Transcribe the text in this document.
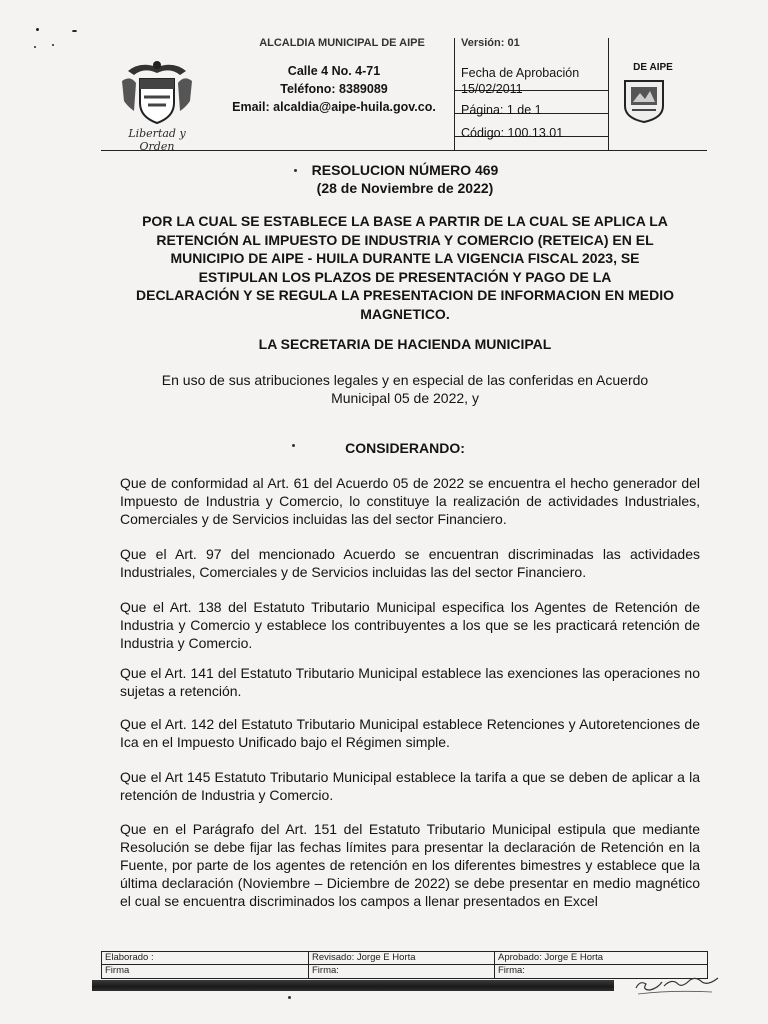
Libertad y Orden
ALCALDIA MUNICIPAL DE AIPE
Calle 4 No. 4-71
Teléfono: 8389089
Email: alcaldia@aipe-huila.gov.co.
Versión: 01
Fecha de Aprobación
15/02/2011
Página: 1 de 1
Código: 100.13.01
DE AIPE
RESOLUCION NÚMERO 469
(28 de Noviembre de 2022)
POR LA CUAL SE ESTABLECE LA BASE A PARTIR DE LA CUAL SE APLICA LA
RETENCIÓN AL IMPUESTO DE INDUSTRIA Y COMERCIO (RETEICA) EN EL
MUNICIPIO DE AIPE - HUILA DURANTE LA VIGENCIA FISCAL 2023, SE
ESTIPULAN LOS PLAZOS DE PRESENTACIÓN Y PAGO DE LA
DECLARACIÓN Y SE REGULA LA PRESENTACION DE INFORMACION EN MEDIO
MAGNETICO.
LA SECRETARIA DE HACIENDA MUNICIPAL
En uso de sus atribuciones legales y en especial de las conferidas en Acuerdo
Municipal 05 de 2022, y
CONSIDERANDO:
Que de conformidad al Art. 61 del Acuerdo 05 de 2022 se encuentra el hecho generador del Impuesto de Industria y Comercio, lo constituye la realización de actividades Industriales, Comerciales y de Servicios incluidas las del sector Financiero.
Que el Art. 97 del mencionado Acuerdo se encuentran discriminadas las actividades Industriales, Comerciales y de Servicios incluidas las del sector Financiero.
Que el Art. 138 del Estatuto Tributario Municipal especifica los Agentes de Retención de Industria y Comercio y establece los contribuyentes a los que se les practicará retención de Industria y Comercio.
Que el Art. 141 del Estatuto Tributario Municipal establece las exenciones las operaciones no sujetas a retención.
Que el Art. 142 del Estatuto Tributario Municipal establece Retenciones y Autoretenciones de Ica en el Impuesto Unificado bajo el Régimen simple.
Que el Art 145 Estatuto Tributario Municipal establece la tarifa a que se deben de aplicar a la retención de Industria y Comercio.
Que en el Parágrafo del Art. 151 del Estatuto Tributario Municipal estipula que mediante Resolución se debe fijar las fechas límites para presentar la declaración de Retención en la Fuente, por parte de los agentes de retención en los diferentes bimestres y establece que la última declaración (Noviembre – Diciembre de 2022) se debe presentar en medio magnético el cual se encuentra discriminados los campos a llenar presentados en Excel
Elaborado :	Revisado: Jorge E Horta	Aprobado: Jorge E Horta
Firma	Firma:	Firma:
